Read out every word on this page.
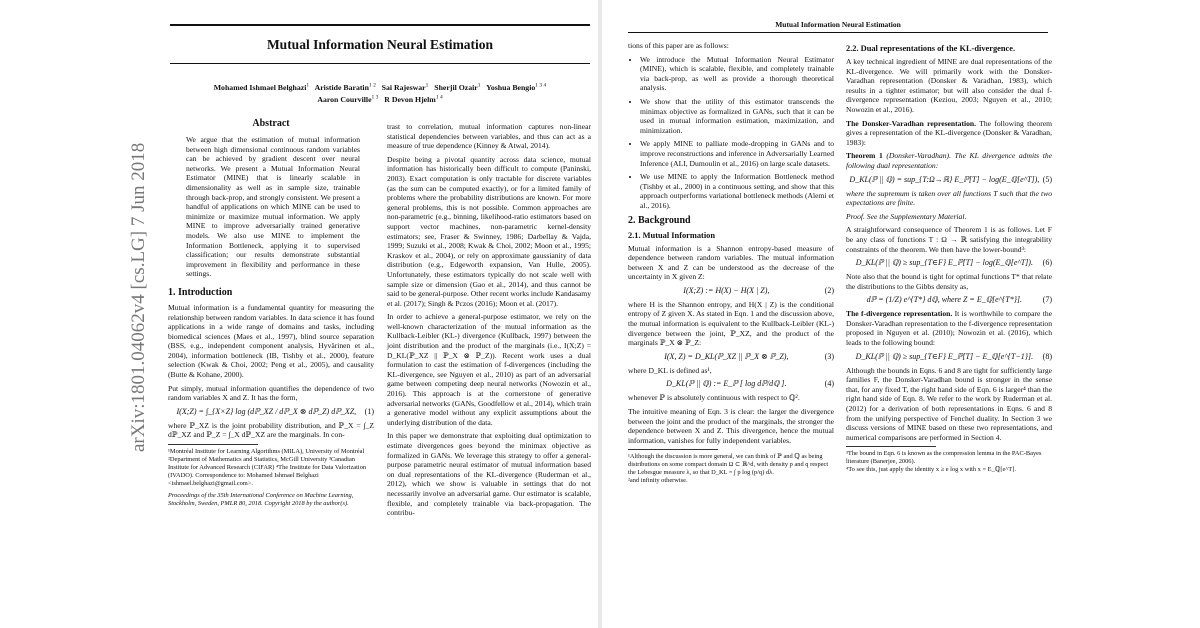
arXiv:1801.04062v4 [cs.LG] 7 Jun 2018
Mutual Information Neural Estimation
Mohamed Ishmael Belghazi$^1$ Aristide Baratin$^{1 2}$ Sai Rajeswar$^1$ Sherjil Ozair$^1$ Yoshua Bengio$^{1 3 4}$
Aaron Courville$^{1 3}$ R Devon Hjelm$^{1 4}$
Abstract
We argue that the estimation of mutual information between high dimensional continuous random variables can be achieved by gradient descent over neural networks. We present a Mutual Information Neural Estimator (MINE) that is linearly scalable in dimensionality as well as in sample size, trainable through back-prop, and strongly consistent. We present a handful of applications on which MINE can be used to minimize or maximize mutual information. We apply MINE to improve adversarially trained generative models. We also use MINE to implement the Information Bottleneck, applying it to supervised classification; our results demonstrate substantial improvement in flexibility and performance in these settings.
1. Introduction

Mutual information is a fundamental quantity for measuring the relationship between random variables. In data science it has found applications in a wide range of domains and tasks, including biomedical sciences (Maes et al., 1997), blind source separation (BSS, e.g., independent component analysis, Hyvärinen et al., 2004), information bottleneck (IB, Tishby et al., 2000), feature selection (Kwak & Choi, 2002; Peng et al., 2005), and causality (Butte & Kohane, 2000).

Put simply, mutual information quantifies the dependence of two random variables X and Z. It has the form,

I(X;Z) = ∫_{X×Z} log (dℙ_XZ / dℙ_X ⊗ dℙ_Z) dℙ_XZ,	(1)

where ℙ_XZ is the joint probability distribution, and ℙ_X = ∫_Z dℙ_XZ and ℙ_Z = ∫_X dℙ_XZ are the marginals. In con-

¹Montréal Institute for Learning Algorithms (MILA), University of Montréal ²Department of Mathematics and Statistics, McGill University ³Canadian Institute for Advanced Research (CIFAR) ⁴The Institute for Data Valorization (IVADO). Correspondence to: Mohamed Ishmael Belghazi <ishmael.belghazi@gmail.com>.

Proceedings of the 35th International Conference on Machine Learning, Stockholm, Sweden, PMLR 80, 2018. Copyright 2018 by the author(s).

trast to correlation, mutual information captures non-linear statistical dependencies between variables, and thus can act as a measure of true dependence (Kinney & Atwal, 2014).

Despite being a pivotal quantity across data science, mutual information has historically been difficult to compute (Paninski, 2003). Exact computation is only tractable for discrete variables (as the sum can be computed exactly), or for a limited family of problems where the probability distributions are known. For more general problems, this is not possible. Common approaches are non-parametric (e.g., binning, likelihood-ratio estimators based on support vector machines, non-parametric kernel-density estimators; see, Fraser & Swinney, 1986; Darbellay & Vajda, 1999; Suzuki et al., 2008; Kwak & Choi, 2002; Moon et al., 1995; Kraskov et al., 2004), or rely on approximate gaussianity of data distribution (e.g., Edgeworth expansion, Van Hulle, 2005). Unfortunately, these estimators typically do not scale well with sample size or dimension (Gao et al., 2014), and thus cannot be said to be general-purpose. Other recent works include Kandasamy et al. (2017); Singh & Pczos (2016); Moon et al. (2017).

In order to achieve a general-purpose estimator, we rely on the well-known characterization of the mutual information as the Kullback-Leibler (KL-) divergence (Kullback, 1997) between the joint distribution and the product of the marginals (i.e., I(X;Z) = D_KL(ℙ_XZ || ℙ_X ⊗ ℙ_Z)). Recent work uses a dual formulation to cast the estimation of f-divergences (including the KL-divergence, see Nguyen et al., 2010) as part of an adversarial game between competing deep neural networks (Nowozin et al., 2016). This approach is at the cornerstone of generative adversarial networks (GANs, Goodfellow et al., 2014), which train a generative model without any explicit assumptions about the underlying distribution of the data.

In this paper we demonstrate that exploiting dual optimization to estimate divergences goes beyond the minimax objective as formalized in GANs. We leverage this strategy to offer a general-purpose parametric neural estimator of mutual information based on dual representations of the KL-divergence (Ruderman et al., 2012), which we show is valuable in settings that do not necessarily involve an adversarial game. Our estimator is scalable, flexible, and completely trainable via back-propagation. The contribu-

Mutual Information Neural Estimation

tions of this paper are as follows:

• We introduce the Mutual Information Neural Estimator (MINE), which is scalable, flexible, and completely trainable via back-prop, as well as provide a thorough theoretical analysis.
• We show that the utility of this estimator transcends the minimax objective as formalized in GANs, such that it can be used in mutual information estimation, maximization, and minimization.
• We apply MINE to palliate mode-dropping in GANs and to improve reconstructions and inference in Adversarially Learned Inference (ALI, Dumoulin et al., 2016) on large scale datasets.
• We use MINE to apply the Information Bottleneck method (Tishby et al., 2000) in a continuous setting, and show that this approach outperforms variational bottleneck methods (Alemi et al., 2016).
2. Background
2.1. Mutual Information

Mutual information is a Shannon entropy-based measure of dependence between random variables. The mutual information between X and Z can be understood as the decrease of the uncertainty in X given Z:

I(X;Z) := H(X) − H(X | Z),	(2)

where H is the Shannon entropy, and H(X | Z) is the conditional entropy of Z given X. As stated in Eqn. 1 and the discussion above, the mutual information is equivalent to the Kullback-Leibler (KL-) divergence between the joint, ℙ_XZ, and the product of the marginals ℙ_X ⊗ ℙ_Z:

I(X, Z) = D_KL(ℙ_XZ || ℙ_X ⊗ ℙ_Z),	(3)

where D_KL is defined as¹,

D_KL(ℙ || ℚ) := E_ℙ [ log dℙ/dℚ ].	(4)

whenever ℙ is absolutely continuous with respect to ℚ².

The intuitive meaning of Eqn. 3 is clear: the larger the divergence between the joint and the product of the marginals, the stronger the dependence between X and Z. This divergence, hence the mutual information, vanishes for fully independent variables.

¹Although the discussion is more general, we can think of ℙ and ℚ as being distributions on some compact domain Ω ⊂ ℝ^d, with density p and q respect the Lebesgue measure λ, so that D_KL = ∫ p log (p/q) dλ.

²and infinity otherwise.

2.2. Dual representations of the KL-divergence.

A key technical ingredient of MINE are dual representations of the KL-divergence. We will primarily work with the Donsker-Varadhan representation (Donsker & Varadhan, 1983), which results in a tighter estimator; but will also consider the dual f-divergence representation (Keziou, 2003; Nguyen et al., 2010; Nowozin et al., 2016).

The Donsker-Varadhan representation. The following theorem gives a representation of the KL-divergence (Donsker & Varadhan, 1983):

Theorem 1 (Donsker-Varadhan). The KL divergence admits the following dual representation:

D_KL(ℙ || ℚ) = sup_{T:Ω→ℝ} E_ℙ[T] − log(E_ℚ[e^T]), (5)

where the supremum is taken over all functions T such that the two expectations are finite.

Proof. See the Supplementary Material.

A straightforward consequence of Theorem 1 is as follows. Let F be any class of functions T : Ω → ℝ satisfying the integrability constraints of the theorem. We then have the lower-bound³:

D_KL(ℙ || ℚ) ≥ sup_{T∈F} E_ℙ[T] − log(E_ℚ[e^T]).	(6)

Note also that the bound is tight for optimal functions T* that relate the distributions to the Gibbs density as,

dℙ = (1/Z) e^{T*} dℚ, where Z = E_ℚ[e^{T*}].	(7)

The f-divergence representation. It is worthwhile to compare the Donsker-Varadhan representation to the f-divergence representation proposed in Nguyen et al. (2010); Nowozin et al. (2016), which leads to the following bound:

D_KL(ℙ || ℚ) ≥ sup_{T∈F} E_ℙ[T] − E_ℚ[e^{T−1}].	(8)

Although the bounds in Eqns. 6 and 8 are tight for sufficiently large families F, the Donsker-Varadhan bound is stronger in the sense that, for any fixed T, the right hand side of Eqn. 6 is larger⁴ than the right hand side of Eqn. 8. We refer to the work by Ruderman et al. (2012) for a derivation of both representations in Eqns. 6 and 8 from the unifying perspective of Fenchel duality. In Section 3 we discuss versions of MINE based on these two representations, and numerical comparisons are performed in Section 4.

³The bound in Eqn. 6 is known as the compression lemma in the PAC-Bayes literature (Banerjee, 2006).

⁴To see this, just apply the identity x ≥ e log x with x = E_ℚ[e^T].
